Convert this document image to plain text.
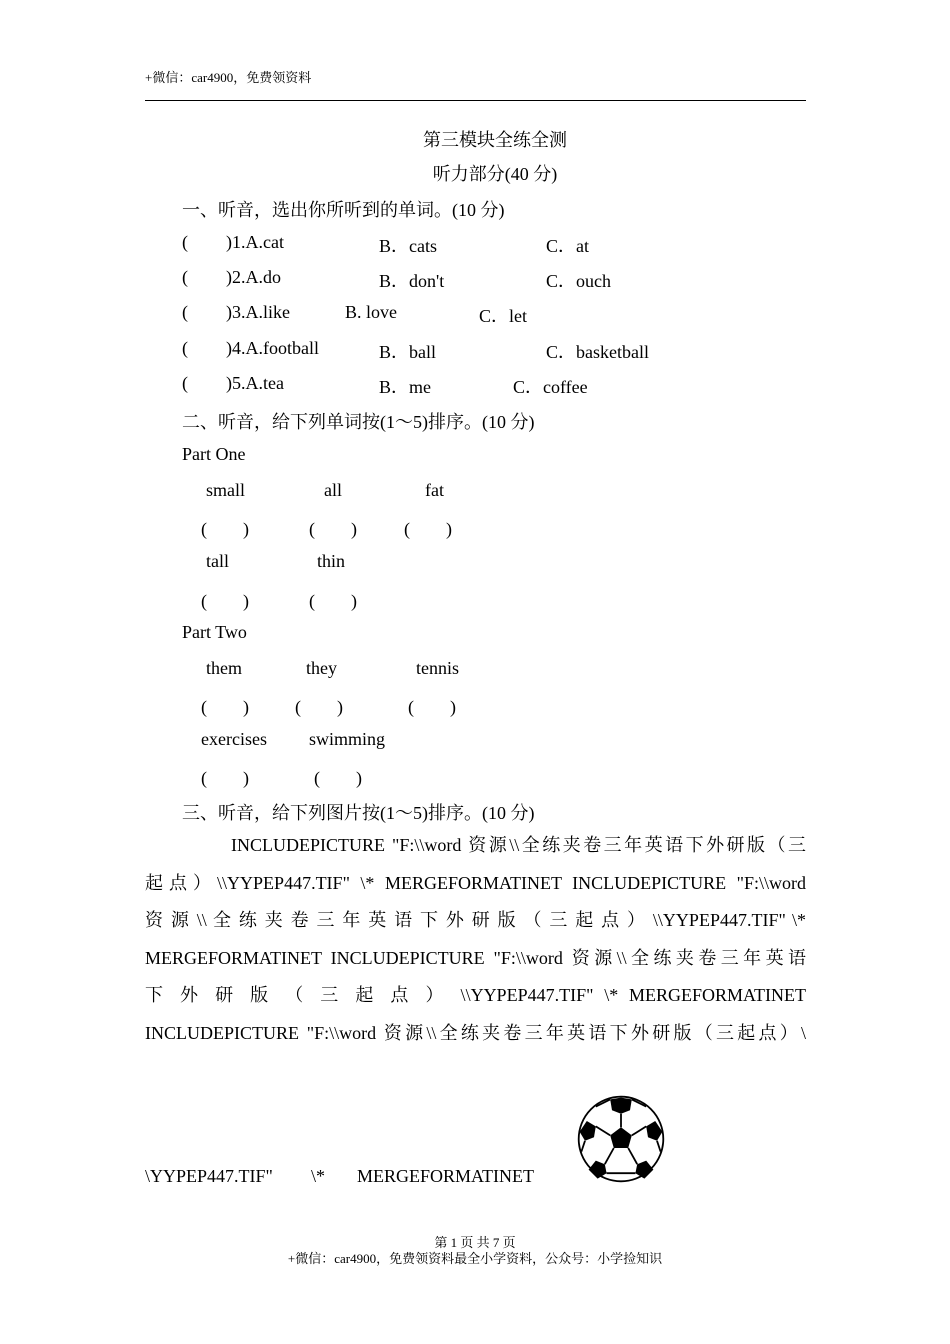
+微信：car4900，免费领资料
第三模块全练全测
听力部分(40 分)
一、听音，选出你所听到的单词。(10 分)
( )1.A.cat	B．cats	C．at
( )2.A.do	B．don't	C．ouch
( )3.A.like	B. love	C．let
( )4.A.football	B．ball	C．basketball
( )5.A.tea	B．me	C．coffee
二、听音，给下列单词按(1～5)排序。(10 分)
Part One
small	all	fat
(　　)	(　　)	(　　)
tall	thin
(　　)	(　　)
Part Two
them	they	tennis
(　　)	(　　)	(　　)
exercises swimming
(　　)	(　　)
三、听音，给下列图片按(1～5)排序。(10 分)
INCLUDEPICTURE "F:\\word 资源\\全练夹卷三年英语下外研版（三
起点）\\YYPEP447.TIF" \* MERGEFORMATINET INCLUDEPICTURE "F:\\word
资 源 \\ 全 练 夹 卷 三 年 英 语 下 外 研 版 （ 三 起 点 ） \\YYPEP447.TIF" \*
MERGEFORMATINET INCLUDEPICTURE "F:\\word 资源\\全练夹卷三年英语
下 外 研 版 （ 三 起 点 ） \\YYPEP447.TIF" \* MERGEFORMATINET
INCLUDEPICTURE "F:\\word 资源\\全练夹卷三年英语下外研版（三起点）\
\YYPEP447.TIF" \* MERGEFORMATINET
第 1 页 共 7 页
+微信：car4900，免费领资料最全小学资料，公众号：小学捡知识
